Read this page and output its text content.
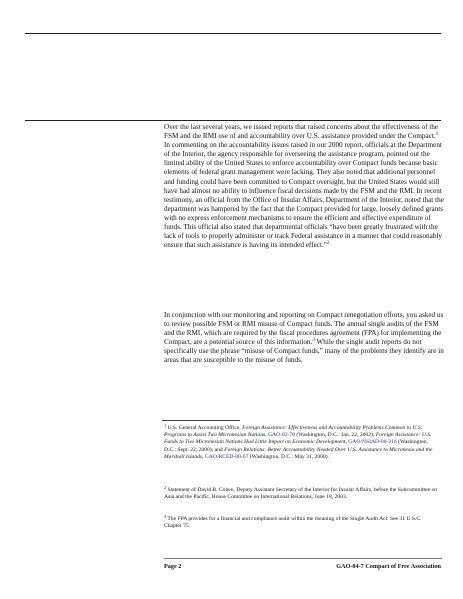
Over the last several years, we issued reports that raised concerns about the effectiveness of the FSM and the RMI use of and accountability over U.S. assistance provided under the Compact.$^1$ In commenting on the accountability issues raised in our 2000 report, officials at the Department of the Interior, the agency responsible for overseeing the assistance program, pointed out the limited ability of the United States to enforce accountability over Compact funds because basic elements of federal grant management were lacking. They also noted that additional personnel and funding could have been committed to Compact oversight, but the United States would still have had almost no ability to influence fiscal decisions made by the FSM and the RMI. In recent testimony, an official from the Office of Insular Affairs, Department of the Interior, noted that the department was hampered by the fact that the Compact provided for large, loosely defined grants with no express enforcement mechanisms to ensure the efficient and effective expenditure of funds. This official also stated that departmental officials “have been greatly frustrated with the lack of tools to properly administer or track Federal assistance in a manner that could reasonably ensure that such assistance is having its intended effect.”$^2$
In conjunction with our monitoring and reporting on Compact renegotiation efforts, you asked us to review possible FSM or RMI misuse of Compact funds. The annual single audits of the FSM and the RMI, which are required by the fiscal procedures agreement (FPA) for implementing the Compact, are a potential source of this information.$^3$ While the single audit reports do not specifically use the phrase “misuse of Compact funds,” many of the problems they identify are in areas that are susceptible to the misuse of funds.
$^1$ U.S. General Accounting Office, Foreign Assistance: Effectiveness and Accountability Problems Common in U.S. Programs to Assist Two Micronesian Nations, GAO-02-70 (Washington, D.C.: Jan. 22, 2002); Foreign Assistance: U.S. Funds to Two Micronesian Nations Had Little Impact on Economic Development, GAO/NSIAD-00-216 (Washington, D.C.: Sept. 22, 2000); and Foreign Relations: Better Accountability Needed Over U.S. Assistance to Micronesia and the Marshall Islands, GAO/RCED-00-67 (Washington, D.C.: May 31, 2000).
$^2$ Statement of David B. Cohen, Deputy Assistant Secretary of the Interior for Insular Affairs, before the Subcommittee on Asia and the Pacific, House Committee on International Relations, June 18, 2003.
$^3$ The FPA provides for a financial and compliance audit within the meaning of the Single Audit Act. See 31 U.S.C. Chapter 75.
Page 2	GAO-04-7 Compact of Free Association
